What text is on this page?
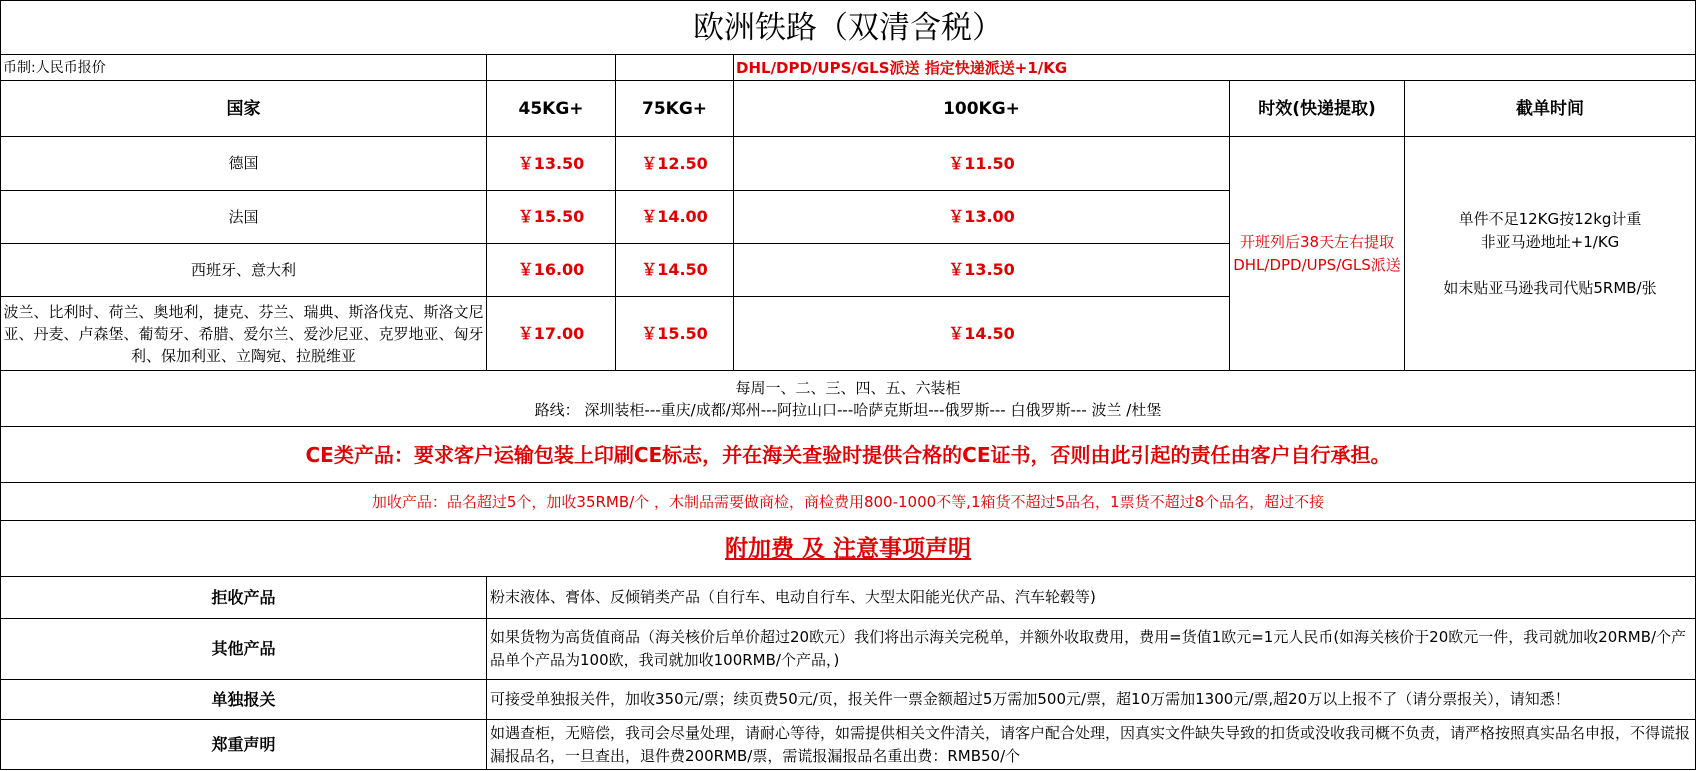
欧洲铁路（双清含税）					
币制:人民币报价			DHL/DPD/UPS/GLS派送 指定快递派送+1/KG		
国家	45KG+	75KG+	100KG+	时效(快递提取)	截单时间
德国	￥13.50	￥12.50	￥11.50	开班列后38天左右提取DHL/DPD/UPS/GLS派送	单件不足12KG按12kg计重
非亚马逊地址+1/KG
如末贴亚马逊我司代贴5RMB/张

法国	￥15.50	￥14.00	￥13.00		
西班牙、意大利	￥16.00	￥14.50	￥13.50		
波兰、比利时、荷兰、奥地利，捷克、芬兰、瑞典、斯洛伐克、斯洛文尼亚、丹麦、卢森堡、葡萄牙、希腊、爱尔兰、爱沙尼亚、克罗地亚、匈牙利、保加利亚、立陶宛、拉脱维亚	￥17.00	￥15.50	￥14.50		

每周一、二、三、四、五、六装柜
路线： 深圳装柜---重庆/成都/郑州---阿拉山口---哈萨克斯坦---俄罗斯--- 白俄罗斯--- 波兰 /杜堡					

CE类产品：要求客户运输包装上印刷CE标志，并在海关查验时提供合格的CE证书，否则由此引起的责任由客户自行承担。					
加收产品：品名超过5个，加收35RMB/个 ，木制品需要做商检，商检费用800-1000不等,1箱货不超过5品名，1票货不超过8个品名，超过不接					
附加费 及 注意事项声明					
拒收产品	粉末液体、膏体、反倾销类产品（自行车、电动自行车、大型太阳能光伏产品、汽车轮毂等)
其他产品	如果货物为高货值商品（海关核价后单价超过20欧元）我们将出示海关完税单，并额外收取费用，费用=货值1欧元=1元人民币(如海关核价于20欧元一件，我司就加收20RMB/个产品单个产品为100欧，我司就加收100RMB/个产品，)
单独报关	可接受单独报关件，加收350元/票；续页费50元/页，报关件一票金额超过5万需加500元/票，超10万需加1300元/票,超20万以上报不了（请分票报关），请知悉！
郑重声明	如遇查柜，无赔偿，我司会尽量处理，请耐心等待，如需提供相关文件清关，请客户配合处理，因真实文件缺失导致的扣货或没收我司概不负责，请严格按照真实品名申报，不得谎报漏报品名，一旦查出，退件费200RMB/票，需谎报漏报品名重出费：RMB50/个
